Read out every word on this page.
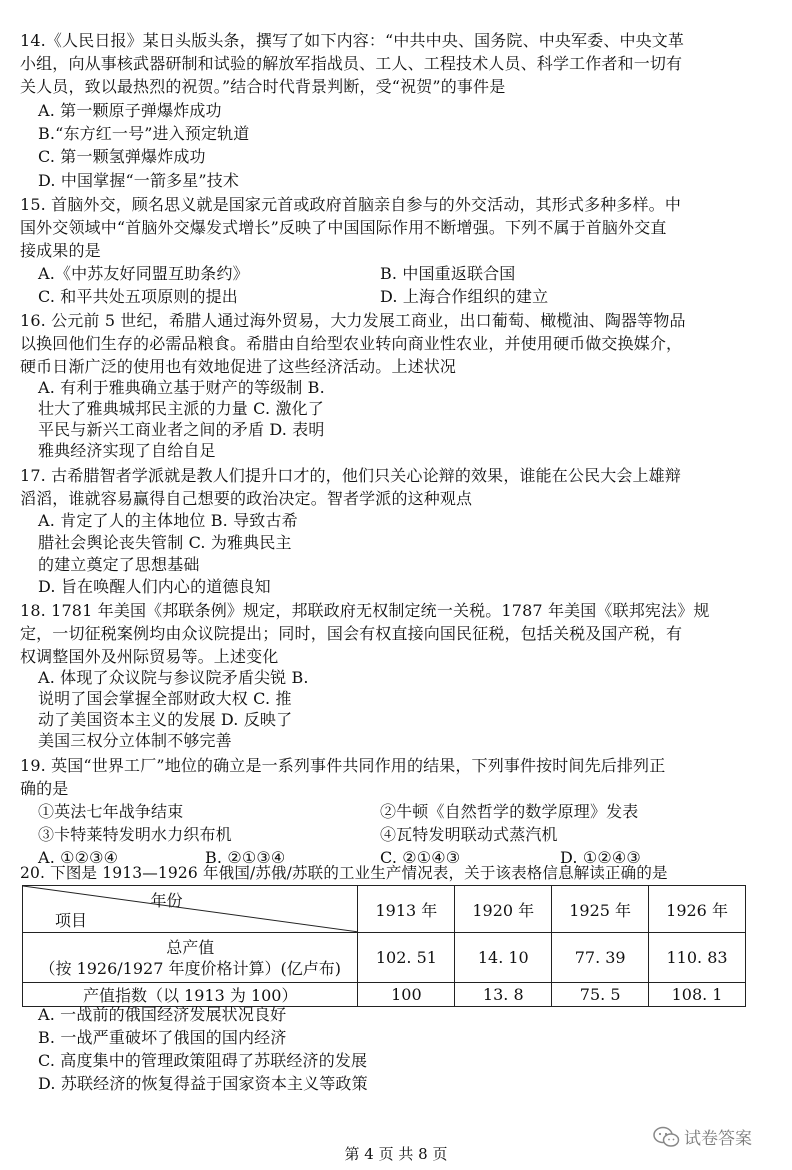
14.《人民日报》某日头版头条，撰写了如下内容：“中共中央、国务院、中央军委、中央文革
小组，向从事核武器研制和试验的解放军指战员、工人、工程技术人员、科学工作者和一切有
关人员，致以最热烈的祝贺。”结合时代背景判断，受“祝贺”的事件是
A. 第一颗原子弹爆炸成功
B.“东方红一号”进入预定轨道
C. 第一颗氢弹爆炸成功
D. 中国掌握“一箭多星”技术
15. 首脑外交，顾名思义就是国家元首或政府首脑亲自参与的外交活动，其形式多种多样。中
国外交领域中“首脑外交爆发式增长”反映了中国国际作用不断增强。下列不属于首脑外交直
接成果的是
A.《中苏友好同盟互助条约》	B. 中国重返联合国
C. 和平共处五项原则的提出	D. 上海合作组织的建立
16. 公元前 5 世纪，希腊人通过海外贸易，大力发展工商业，出口葡萄、橄榄油、陶器等物品
以换回他们生存的必需品粮食。希腊由自给型农业转向商业性农业，并使用硬币做交换媒介，
硬币日渐广泛的使用也有效地促进了这些经济活动。上述状况
A. 有利于雅典确立基于财产的等级制 B.
壮大了雅典城邦民主派的力量 C. 激化了
平民与新兴工商业者之间的矛盾 D. 表明
雅典经济实现了自给自足
17. 古希腊智者学派就是教人们提升口才的，他们只关心论辩的效果，谁能在公民大会上雄辩
滔滔，谁就容易赢得自己想要的政治决定。智者学派的这种观点
A. 肯定了人的主体地位 B. 导致古希
腊社会舆论丧失管制 C. 为雅典民主
的建立奠定了思想基础
D. 旨在唤醒人们内心的道德良知
18. 1781 年美国《邦联条例》规定，邦联政府无权制定统一关税。1787 年美国《联邦宪法》规
定，一切征税案例均由众议院提出；同时，国会有权直接向国民征税，包括关税及国产税，有
权调整国外及州际贸易等。上述变化
A. 体现了众议院与参议院矛盾尖锐 B.
说明了国会掌握全部财政大权 C. 推
动了美国资本主义的发展 D. 反映了
美国三权分立体制不够完善
19. 英国“世界工厂”地位的确立是一系列事件共同作用的结果，下列事件按时间先后排列正
确的是
①英法七年战争结束	②牛顿《自然哲学的数学原理》发表
③卡特莱特发明水力织布机	④瓦特发明联动式蒸汽机
A. ①②③④	B. ②①③④	C. ②①④③	D. ①②④③
20. 下图是 1913—1926 年俄国/苏俄/苏联的工业生产情况表，关于该表格信息解读正确的是
年份
项目	1913 年	1920 年	1925 年	1926 年

总产值
（按 1926/1927 年度价格计算）(亿卢布)	102. 51	14. 10	77. 39	110. 83
产值指数（以 1913 为 100）	100	13. 8	75. 5	108. 1
A. 一战前的俄国经济发展状况良好
B. 一战严重破坏了俄国的国内经济
C. 高度集中的管理政策阻碍了苏联经济的发展
D. 苏联经济的恢复得益于国家资本主义等政策
试卷答案
第 4 页 共 8 页
